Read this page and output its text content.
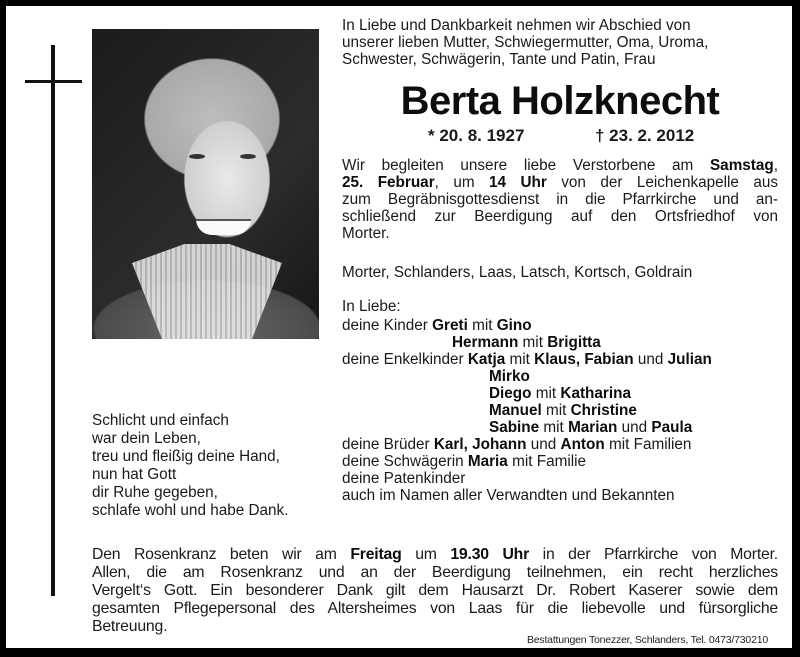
In Liebe und Dankbarkeit nehmen wir Abschied von

unserer lieben Mutter, Schwiegermutter, Oma, Uroma,

Schwester, Schwägerin, Tante und Patin, Frau

Berta Holzknecht
* 20. 8. 1927	† 23. 2. 2012
Wir begleiten unsere liebe Verstorbene am Samstag,
25. Februar, um 14 Uhr von der Leichenkapelle aus
zum Begräbnisgottesdienst in die Pfarrkirche und an-
schließend zur Beerdigung auf den Ortsfriedhof von
Morter.
Morter, Schlanders, Laas, Latsch, Kortsch, Goldrain
In Liebe:
deine Kinder Greti mit Gino
Hermann mit Brigitta
deine Enkelkinder Katja mit Klaus, Fabian und Julian
Mirko
Diego mit Katharina
Manuel mit Christine
Sabine mit Marian und Paula
deine Brüder Karl, Johann und Anton mit Familien
deine Schwägerin Maria mit Familie
deine Patenkinder
auch im Namen aller Verwandten und Bekannten
Schlicht und einfach
war dein Leben,
treu und fleißig deine Hand,
nun hat Gott
dir Ruhe gegeben,
schlafe wohl und habe Dank.
Den Rosenkranz beten wir am Freitag um 19.30 Uhr in der Pfarrkirche von Morter.
Allen, die am Rosenkranz und an der Beerdigung teilnehmen, ein recht herzliches
Vergelt‘s Gott. Ein besonderer Dank gilt dem Hausarzt Dr. Robert Kaserer sowie dem
gesamten Pflegepersonal des Altersheimes von Laas für die liebevolle und fürsorgliche
Betreuung.
Bestattungen Tonezzer, Schlanders, Tel. 0473/730210
